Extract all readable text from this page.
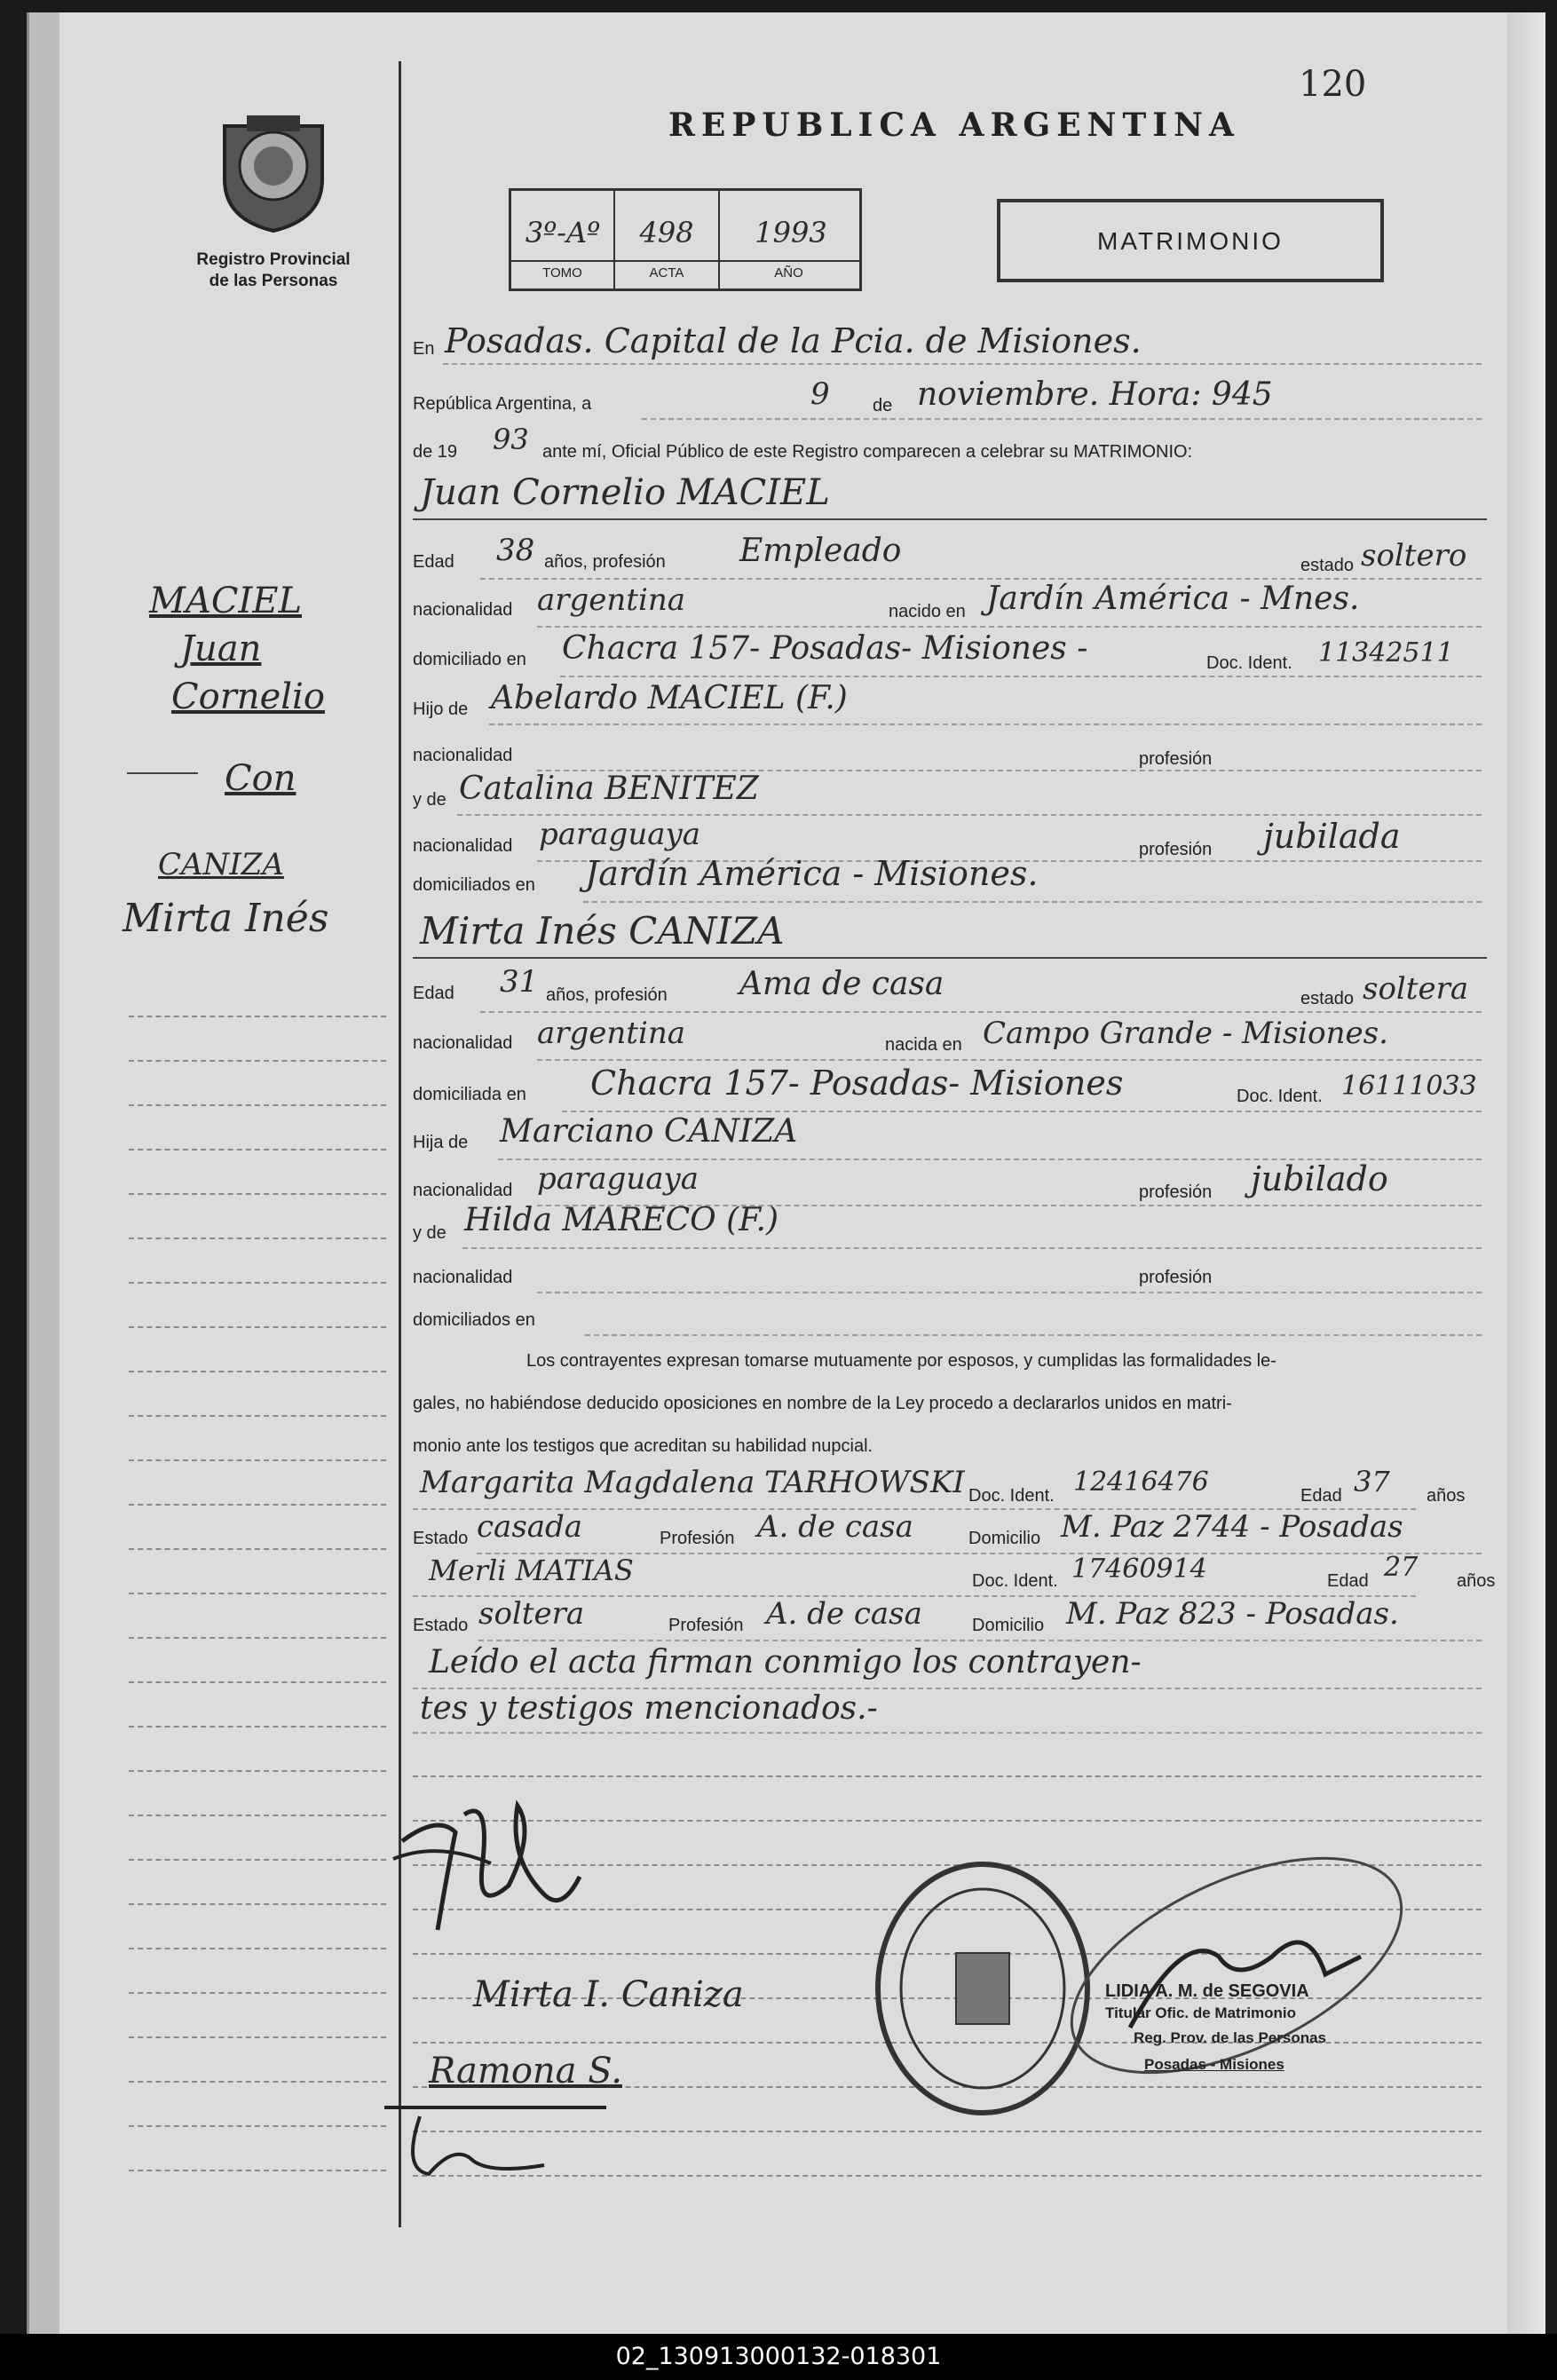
Registro Provincial
de las Personas
120
REPUBLICA ARGENTINA
3º-Aº	498	1993
TOMO	ACTA	AÑO
MATRIMONIO
MACIEL
Juan
Cornelio
Con
CANIZA
Mirta Inés
En Posadas. Capital de la Pcia. de Misiones.
República Argentina, a	9 de noviembre. Hora: 945
de 19 93 ante mí, Oficial Público de este Registro comparecen a celebrar su MATRIMONIO:
Juan Cornelio MACIEL
Edad 38 años, profesión Empleado	estado soltero
nacionalidad argentina	nacido en Jardín América - Mnes.
domiciliado en Chacra 157- Posadas- Misiones -	Doc. Ident. 11342511
Hijo de Abelardo MACIEL (F.)
nacionalidad	profesión
y de Catalina BENITEZ
nacionalidad paraguaya	profesión jubilada
domiciliados en Jardín América - Misiones.
Mirta Inés CANIZA
Edad 31 años, profesión Ama de casa	estado soltera
nacionalidad argentina	nacida en Campo Grande - Misiones.
domiciliada en Chacra 157- Posadas- Misiones	Doc. Ident. 16111033
Hija de Marciano CANIZA
nacionalidad paraguaya	profesión jubilado
y de Hilda MARECO (F.)
nacionalidad	profesión
domiciliados en
Los contrayentes expresan tomarse mutuamente por esposos, y cumplidas las formalidades le-
gales, no habiéndose deducido oposiciones en nombre de la Ley procedo a declararlos unidos en matri-
monio ante los testigos que acreditan su habilidad nupcial.
Margarita Magdalena TARHOWSKI Doc. Ident. 12416476	Edad 37 años
Estado casada	Profesión A. de casa	Domicilio M. Paz 2744 - Posadas
Merli MATIAS	Doc. Ident. 17460914	Edad 27 años
Estado soltera	Profesión A. de casa	Domicilio M. Paz 823 - Posadas.
Leído el acta firman conmigo los contrayen-
tes y testigos mencionados.-
Mirta I. Caniza
Ramona S.
LIDIA A. M. de SEGOVIA
Titular Ofic. de Matrimonio
Reg. Prov. de las Personas
Posadas - Misiones
02_130913000132-018301
